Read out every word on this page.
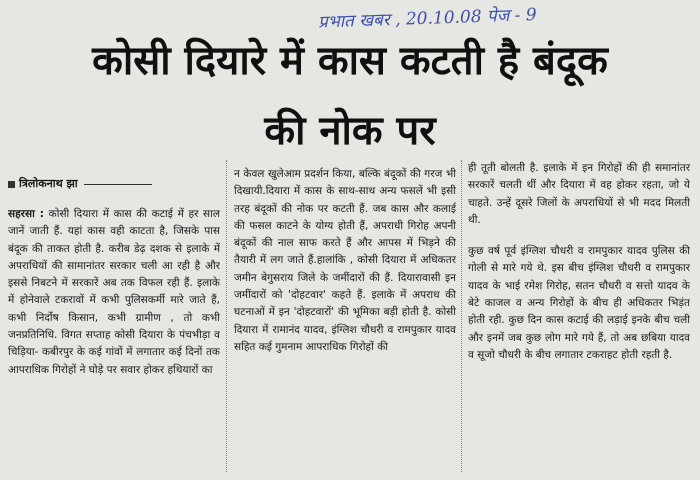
प्रभात खबर , 20.10.08 पेज - 9
कोसी दियारे में कास कटती है बंदूक
की नोक पर
त्रिलोकनाथ झा

सहरसा : कोसी दियारा में कास की कटाई में हर साल जानें जाती हैं. यहां कास वही काटता है, जिसके पास बंदूक की ताकत होती है. करीब डेढ़ दशक से इलाके में अपराधियों की सामानांतर सरकार चली आ रही है और इससे निबटने में सरकारें अब तक विफल रही हैं. इलाके में होनेवाले टकरावों में कभी पुलिसकर्मी मारे जाते हैं, कभी निर्दोष किसान, कभी ग्रामीण , तो कभी जनप्रतिनिधि. विगत सप्ताह कोसी दियारा के पंचभीड़ा व चिड़िया- कबीरपुर के कई गांवों में लगातार कई दिनों तक आपराधिक गिरोहों ने घोड़े पर सवार होकर हथियारों का

न केवल खुलेआम प्रदर्शन किया, बल्कि बंदूकों की गरज भी दिखायी.दियारा में कास के साथ-साथ अन्य फसलें भी इसी तरह बंदूकों की नोक पर कटती हैं. जब कास और कलाई की फसल काटने के योग्य होती हैं, अपराधी गिरोह अपनी बंदूकों की नाल साफ करते हैं और आपस में भिड़ने की तैयारी में लग जाते हैं.हालांकि , कोसी दियारा में अधिकतर जमीन बेगुसराय जिले के जमींदारों की हैं. दियारावासी इन जमींदारों को 'दोहटवार' कहते हैं. इलाके में अपराध की घटनाओं में इन 'दोहटवारों' की भूमिका बड़ी होती है. कोसी दियारा में रामानंद यादव, इंग्लिश चौधरी व रामपुकार यादव सहित कई गुमनाम आपराधिक गिरोहों की

ही तूती बोलती है. इलाके में इन गिरोहों की ही समानांतर सरकारें चलती थीं और दियारा में वह होकर रहता, जो ये चाहते. उन्हें दूसरे जिलों के अपराधियों से भी मदद मिलती थी.

कुछ वर्ष पूर्व इंग्लिश चौधरी व रामपुकार यादव पुलिस की गोली से मारे गये थे. इस बीच इंग्लिश चौधरी व रामपुकार यादव के भाई रमेश गिरोह, सतन चौधरी व सत्तो यादव के बेटे काजल व अन्य गिरोहों के बीच ही अधिकतर भिड़ंत होती रही. कुछ दिन कास कटाई की लड़ाई इनके बीच चली और इनमें जब कुछ लोग मारे गये हैं, तो अब छबिया यादव व सूजो चौधरी के बीच लगातार टकराहट होती रहती है.
